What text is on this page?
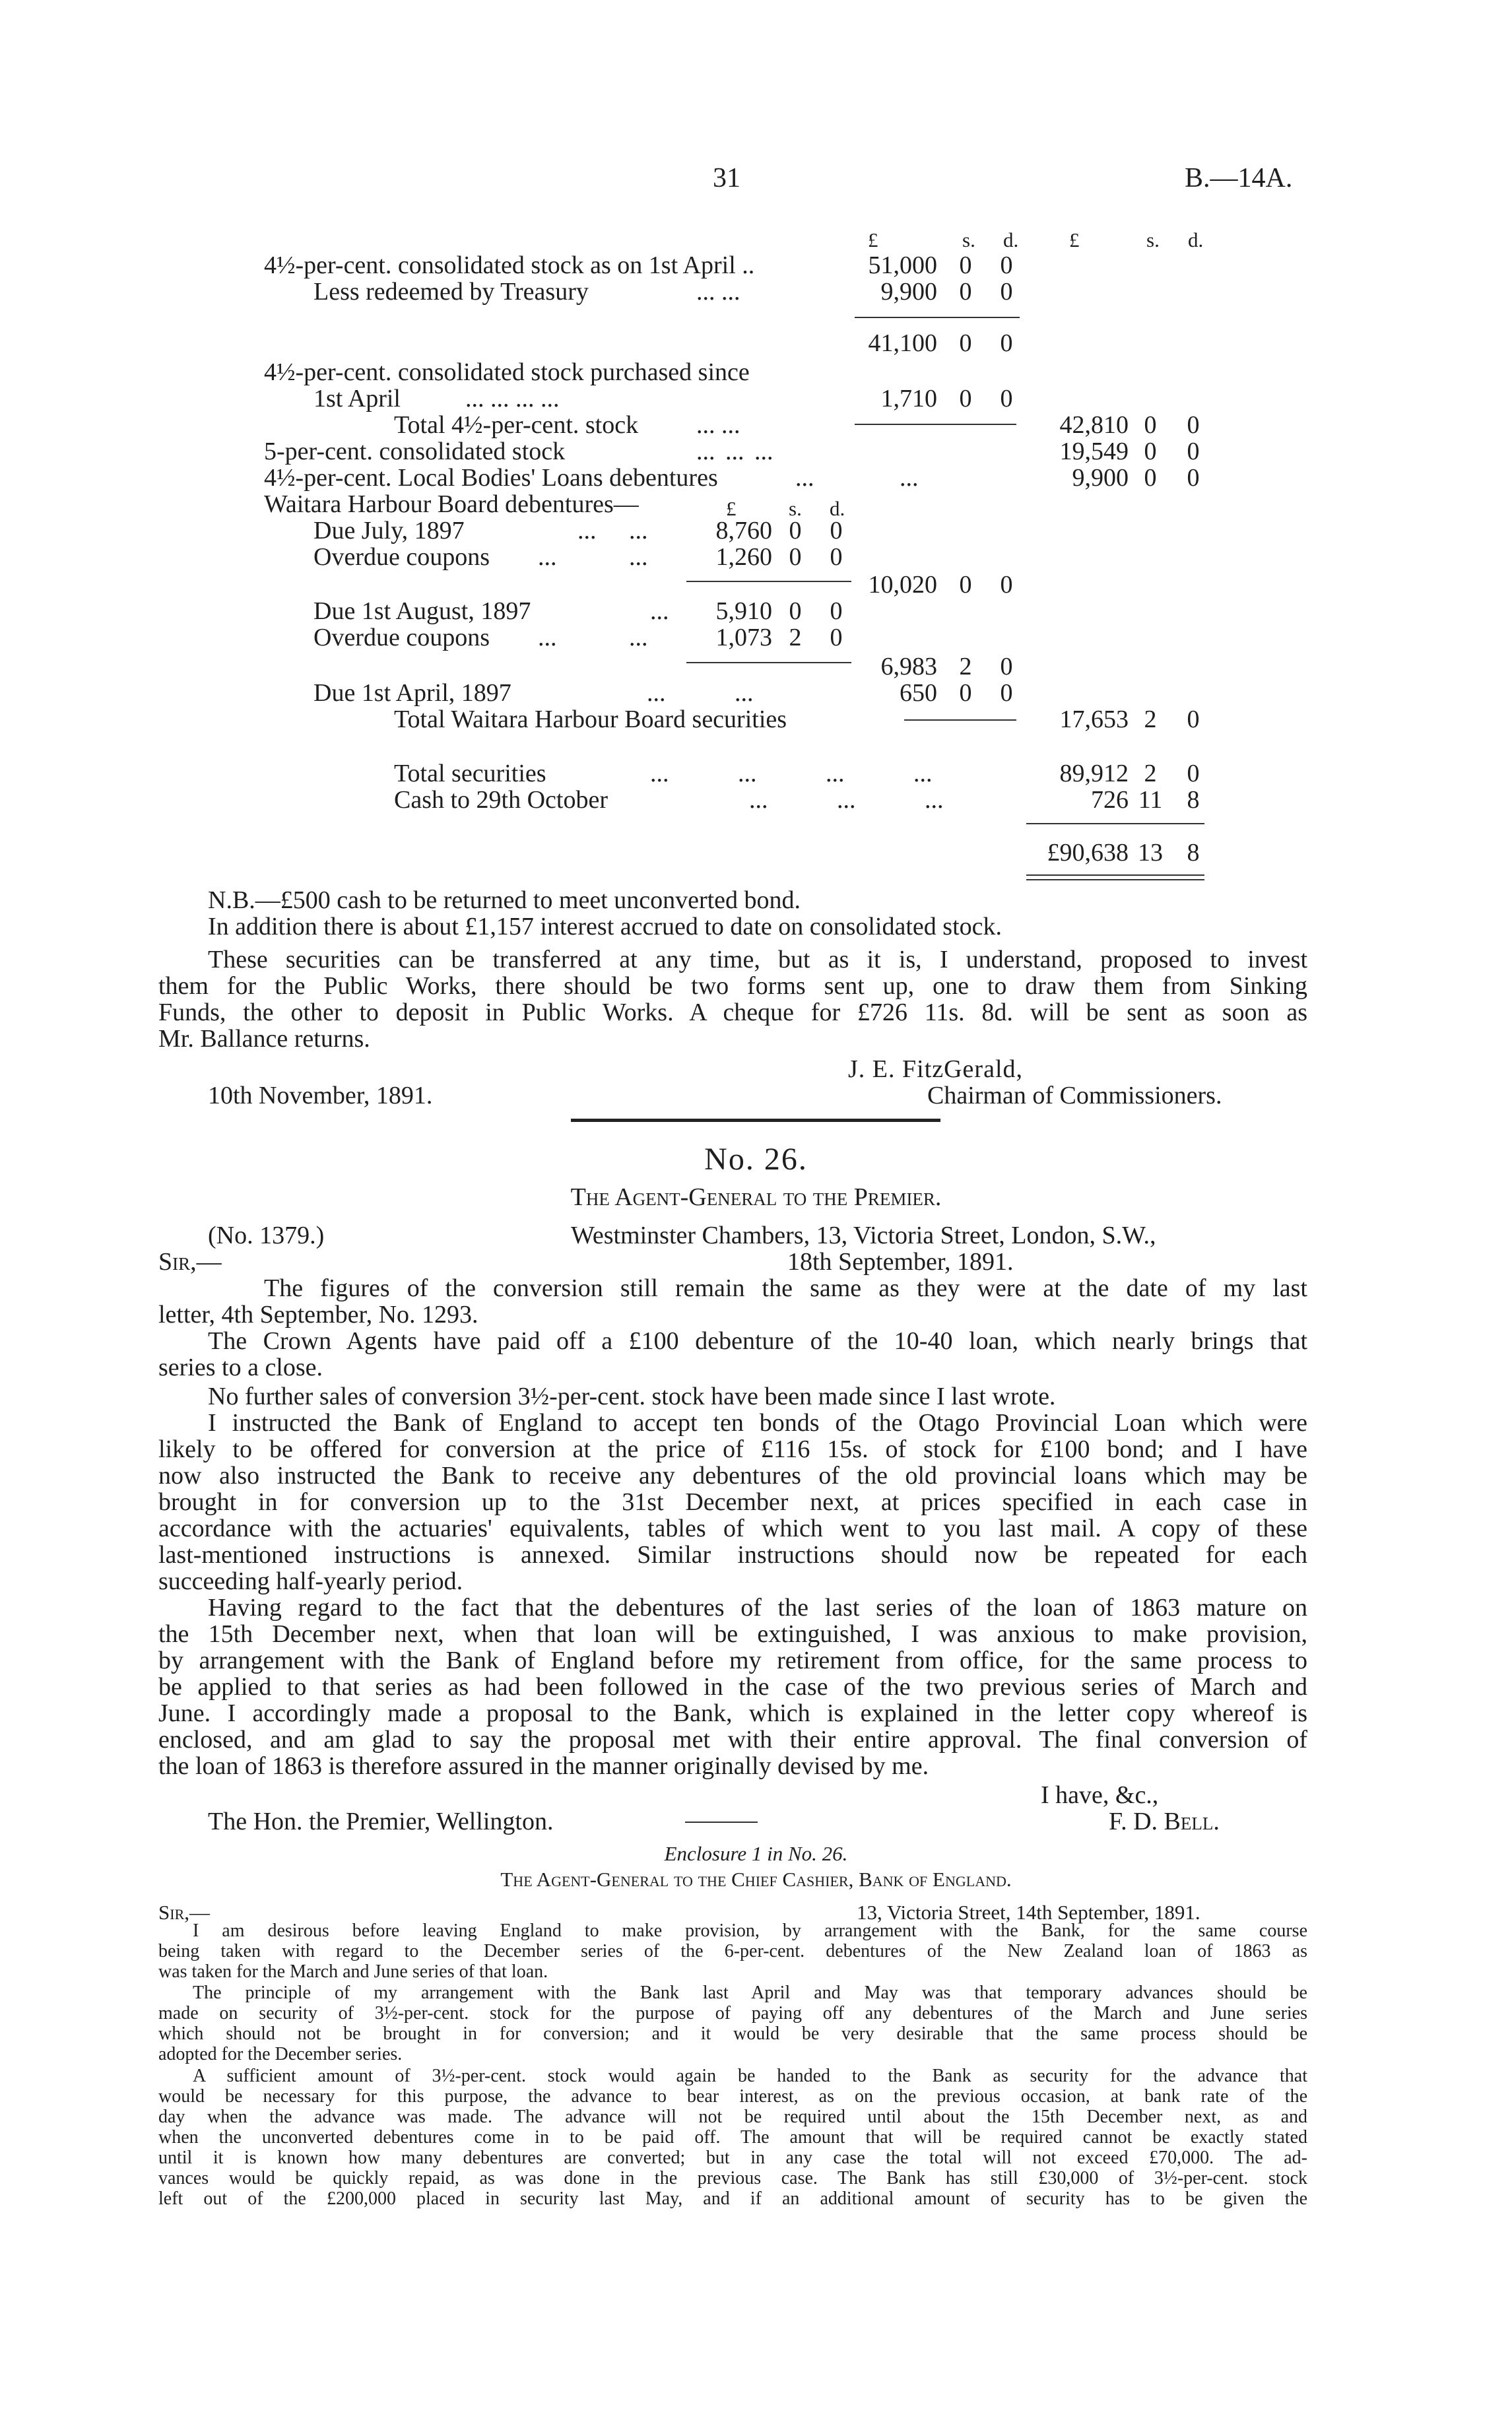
31	B.—14A.
£	s. d. £	s. d.
4½-per-cent. consolidated stock as on 1st April ..	51,000 0 0
Less redeemed by Treasury	... ...	9,900 0 0
41,100 0 0
4½-per-cent. consolidated stock purchased since
1st April	... ... ... ...	1,710 0 0
Total 4½-per-cent. stock ... ...	42,810 0 0
5-per-cent. consolidated stock	... ... ...	19,549 0 0
4½-per-cent. Local Bodies' Loans debentures	... ...	9,900 0 0
Waitara Harbour Board debentures—	£	s. d.
Due July, 1897	... ...	8,760 0 0
Overdue coupons ... ...	1,260 0 0
10,020 0 0
Due 1st August, 1897	...	5,910 0 0
Overdue coupons ... ...	1,073 2 0
6,983 2 0
Due 1st April, 1897	... ...	650 0 0
Total Waitara Harbour Board securities	17,653 2 0
Total securities	... ... ... ...	89,912 2 0
Cash to 29th October	... ... ...	726 11 8
£90,638 13 8
N.B.—£500 cash to be returned to meet unconverted bond.
In addition there is about £1,157 interest accrued to date on consolidated stock.
These securities can be transferred at any time, but as it is, I understand, proposed to invest
them for the Public Works, there should be two forms sent up, one to draw them from Sinking
Funds, the other to deposit in Public Works. A cheque for £726 11s. 8d. will be sent as soon as
Mr. Ballance returns.
J. E. FitzGerald,
10th November, 1891.	Chairman of Commissioners.
No. 26.
The Agent-General to the Premier.
(No. 1379.)	Westminster Chambers, 13, Victoria Street, London, S.W.,
Sir,—	18th September, 1891.
The figures of the conversion still remain the same as they were at the date of my last
letter, 4th September, No. 1293.
The Crown Agents have paid off a £100 debenture of the 10-40 loan, which nearly brings that
series to a close.
No further sales of conversion 3½-per-cent. stock have been made since I last wrote.
I instructed the Bank of England to accept ten bonds of the Otago Provincial Loan which were
likely to be offered for conversion at the price of £116 15s. of stock for £100 bond; and I have
now also instructed the Bank to receive any debentures of the old provincial loans which may be
brought in for conversion up to the 31st December next, at prices specified in each case in
accordance with the actuaries' equivalents, tables of which went to you last mail. A copy of these
last-mentioned instructions is annexed. Similar instructions should now be repeated for each
succeeding half-yearly period.
Having regard to the fact that the debentures of the last series of the loan of 1863 mature on
the 15th December next, when that loan will be extinguished, I was anxious to make provision,
by arrangement with the Bank of England before my retirement from office, for the same process to
be applied to that series as had been followed in the case of the two previous series of March and
June. I accordingly made a proposal to the Bank, which is explained in the letter copy whereof is
enclosed, and am glad to say the proposal met with their entire approval. The final conversion of
the loan of 1863 is therefore assured in the manner originally devised by me.
I have, &c.,
The Hon. the Premier, Wellington.	F. D. Bell.
Enclosure 1 in No. 26.
The Agent-General to the Chief Cashier, Bank of England.
Sir,—	13, Victoria Street, 14th September, 1891.
I am desirous before leaving England to make provision, by arrangement with the Bank, for the same course
being taken with regard to the December series of the 6-per-cent. debentures of the New Zealand loan of 1863 as
was taken for the March and June series of that loan.
The principle of my arrangement with the Bank last April and May was that temporary advances should be
made on security of 3½-per-cent. stock for the purpose of paying off any debentures of the March and June series
which should not be brought in for conversion; and it would be very desirable that the same process should be
adopted for the December series.
A sufficient amount of 3½-per-cent. stock would again be handed to the Bank as security for the advance that
would be necessary for this purpose, the advance to bear interest, as on the previous occasion, at bank rate of the
day when the advance was made. The advance will not be required until about the 15th December next, as and
when the unconverted debentures come in to be paid off. The amount that will be required cannot be exactly stated
until it is known how many debentures are converted; but in any case the total will not exceed £70,000. The ad-
vances would be quickly repaid, as was done in the previous case. The Bank has still £30,000 of 3½-per-cent. stock
left out of the £200,000 placed in security last May, and if an additional amount of security has to be given the
